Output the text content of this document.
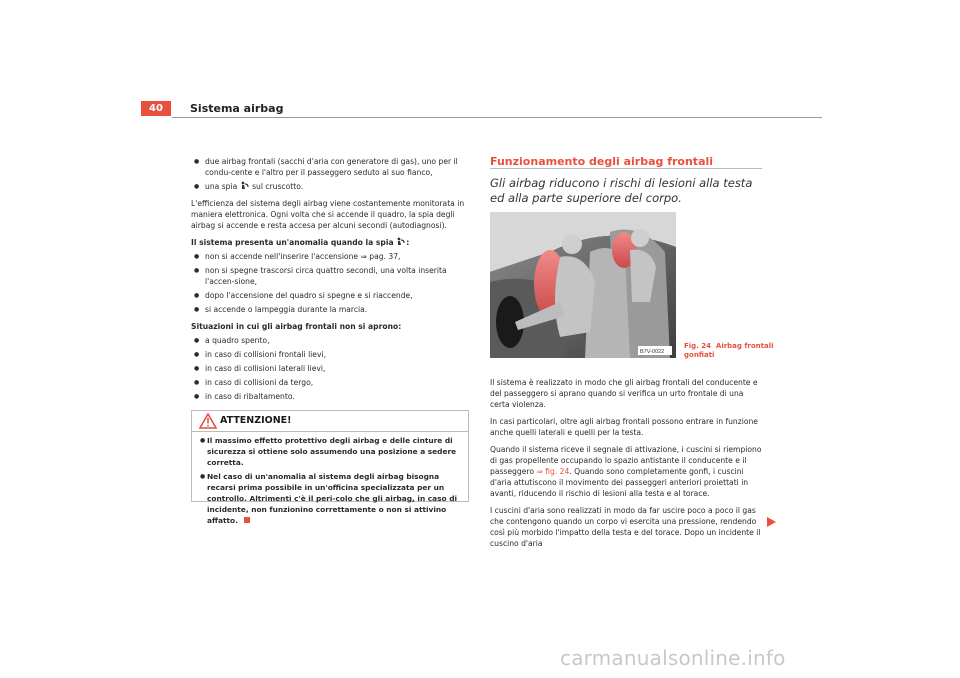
40	Sistema airbag
● due airbag frontali (sacchi d'aria con generatore di gas), uno per il condu-cente e l'altro per il passeggero seduto al suo fianco,
● una spia sul cruscotto.

L'efficienza del sistema degli airbag viene costantemente monitorata in maniera elettronica. Ogni volta che si accende il quadro, la spia degli airbag si accende e resta accesa per alcuni secondi (autodiagnosi).

Il sistema presenta un'anomalia quando la spia :

● non si accende nell'inserire l'accensione ⇒ pag. 37,
● non si spegne trascorsi circa quattro secondi, una volta inserita l'accen-sione,
● dopo l'accensione del quadro si spegne e si riaccende,
● si accende o lampeggia durante la marcia.

Situazioni in cui gli airbag frontali non si aprono:

● a quadro spento,
● in caso di collisioni frontali lievi,
● in caso di collisioni laterali lievi,
● in caso di collisioni da tergo,
● in caso di ribaltamento.
ATTENZIONE!
● Il massimo effetto protettivo degli airbag e delle cinture di sicurezza si ottiene solo assumendo una posizione a sedere corretta.
● Nel caso di un'anomalia al sistema degli airbag bisogna recarsi prima possibile in un'officina specializzata per un controllo. Altrimenti c'è il peri-colo che gli airbag, in caso di incidente, non funzionino correttamente o non si attivino affatto.
Funzionamento degli airbag frontali
Gli airbag riducono i rischi di lesioni alla testa ed alla parte superiore del corpo.
B7V-0022
Fig. 24 Airbag frontali gonfiati

Il sistema è realizzato in modo che gli airbag frontali del conducente e del passeggero si aprano quando si verifica un urto frontale di una certa violenza.

In casi particolari, oltre agli airbag frontali possono entrare in funzione anche quelli laterali e quelli per la testa.

Quando il sistema riceve il segnale di attivazione, i cuscini si riempiono di gas propellente occupando lo spazio antistante il conducente e il passeggero ⇒ fig. 24. Quando sono completamente gonfi, i cuscini d'aria attutiscono il movimento dei passeggeri anteriori proiettati in avanti, riducendo il rischio di lesioni alla testa e al torace.

I cuscini d'aria sono realizzati in modo da far uscire poco a poco il gas che contengono quando un corpo vi esercita una pressione, rendendo così più morbido l'impatto della testa e del torace. Dopo un incidente il cuscino d'aria

carmanualsonline.info
